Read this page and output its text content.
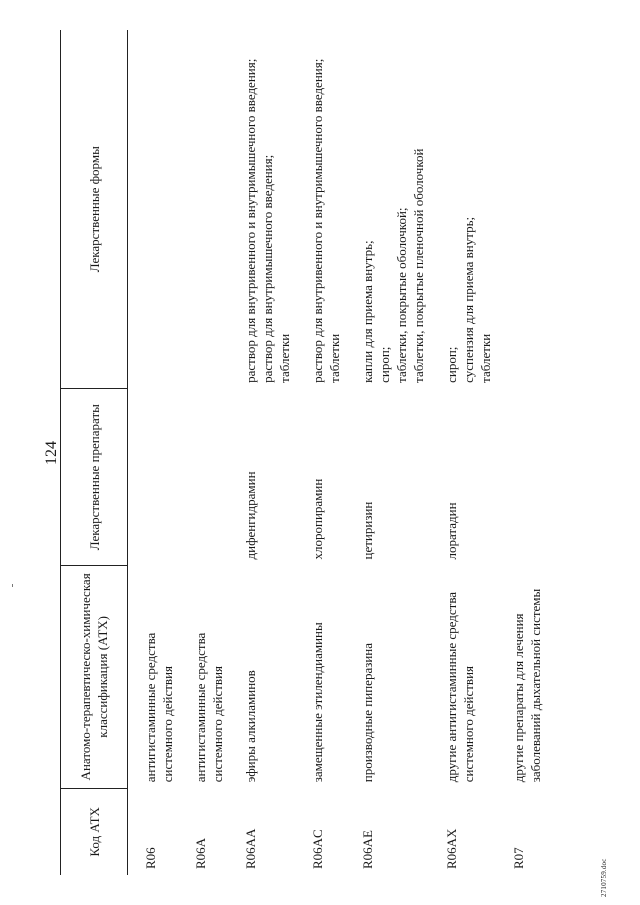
124
Код АТХ	Анатомо-терапевтическо-химическая классификация (АТХ)	Лекарственные препараты	Лекарственные формы
R06	антигистаминные средства системного действия		
R06A	антигистаминные средства системного действия		
R06AA	эфиры алкиламинов	дифенгидрамин	раствор для внутривенного и внутримышечного введения;
раствор для внутримышечного введения;
таблетки
R06AC	замещенные этилендиамины	хлоропирамин	раствор для внутривенного и внутримышечного введения;
таблетки
R06AE	производные пиперазина	цетиризин	капли для приема внутрь;
сироп;
таблетки, покрытые оболочкой;
таблетки, покрытые пленочной оболочкой
R06AX	другие антигистаминные средства системного действия	лоратадин	сироп;
суспензия для приема внутрь;
таблетки
R07	другие препараты для лечения заболеваний дыхательной системы		
2710759.doc
